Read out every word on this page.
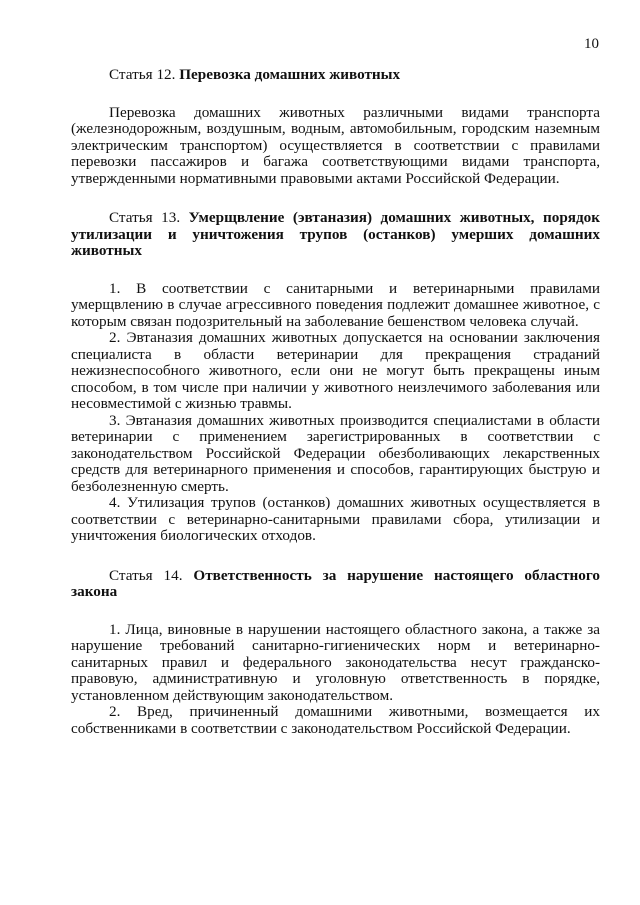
10
Статья 12. Перевозка домашних животных

Перевозка домашних животных различными видами транспорта (железнодорожным, воздушным, водным, автомобильным, городским наземным электрическим транспортом) осуществляется в соответствии с правилами перевозки пассажиров и багажа соответствующими видами транспорта, утвержденными нормативными правовыми актами Российской Федерации.

Статья 13. Умерщвление (эвтаназия) домашних животных, порядок утилизации и уничтожения трупов (останков) умерших домашних животных

1. В соответствии с санитарными и ветеринарными правилами умерщвлению в случае агрессивного поведения подлежит домашнее животное, с которым связан подозрительный на заболевание бешенством человека случай.

2. Эвтаназия домашних животных допускается на основании заключения специалиста в области ветеринарии для прекращения страданий нежизнеспособного животного, если они не могут быть прекращены иным способом, в том числе при наличии у животного неизлечимого заболевания или несовместимой с жизнью травмы.

3. Эвтаназия домашних животных производится специалистами в области ветеринарии с применением зарегистрированных в соответствии с законодательством Российской Федерации обезболивающих лекарственных средств для ветеринарного применения и способов, гарантирующих быструю и безболезненную смерть.

4. Утилизация трупов (останков) домашних животных осуществляется в соответствии с ветеринарно-санитарными правилами сбора, утилизации и уничтожения биологических отходов.

Статья 14. Ответственность за нарушение настоящего областного закона

1. Лица, виновные в нарушении настоящего областного закона, а также за нарушение требований санитарно-гигиенических норм и ветеринарно-санитарных правил и федерального законодательства несут гражданско-правовую, административную и уголовную ответственность в порядке, установленном действующим законодательством.

2. Вред, причиненный домашними животными, возмещается их собственниками в соответствии с законодательством Российской Федерации.
